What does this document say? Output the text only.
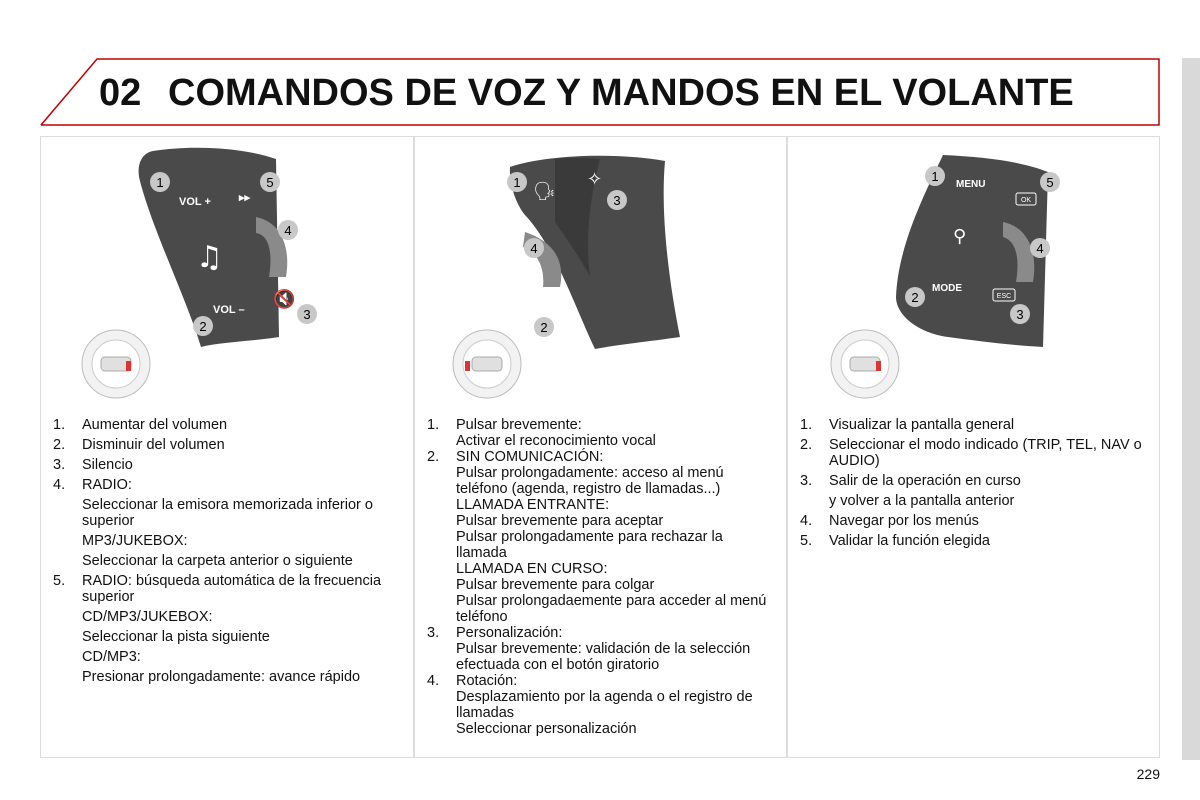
02 COMANDOS DE VOZ Y MANDOS EN EL VOLANTE
VOL +	▸▸
VOL –
♫
🔇
1	5
4
2
3
1.	Aumentar del volumen
2.	Disminuir del volumen
3.	Silencio
4.	RADIO:
Seleccionar la emisora memorizada inferior o superior
MP3/JUKEBOX:
Seleccionar la carpeta anterior o siguiente
5.	RADIO: búsqueda automática de la frecuencia superior
CD/MP3/JUKEBOX:
Seleccionar la pista siguiente
CD/MP3:
Presionar prolongadamente: avance rápido
🗣
✧
✆
1
3
4
2
1.	Pulsar brevemente:
Activar el reconocimiento vocal
2.	SIN COMUNICACIÓN:
Pulsar prolongadamente: acceso al menú teléfono (agenda, registro de llamadas...)
LLAMADA ENTRANTE:
Pulsar brevemente para aceptar
Pulsar prolongadamente para rechazar la llamada
LLAMADA EN CURSO:
Pulsar brevemente para colgar
Pulsar prolongadaemente para acceder al menú teléfono
3.	Personalización:
Pulsar brevemente: validación de la selección efectuada con el botón giratorio
4.	Rotación:
Desplazamiento por la agenda o el registro de llamadas
Seleccionar personalización
MENU
MODE
OK
ESC
⚲
1	5
4
2
3
1.	Visualizar la pantalla general
2.	Seleccionar el modo indicado (TRIP, TEL, NAV o AUDIO)
3.	Salir de la operación en curso
y volver a la pantalla anterior
4.	Navegar por los menús
5.	Validar la función elegida
229
